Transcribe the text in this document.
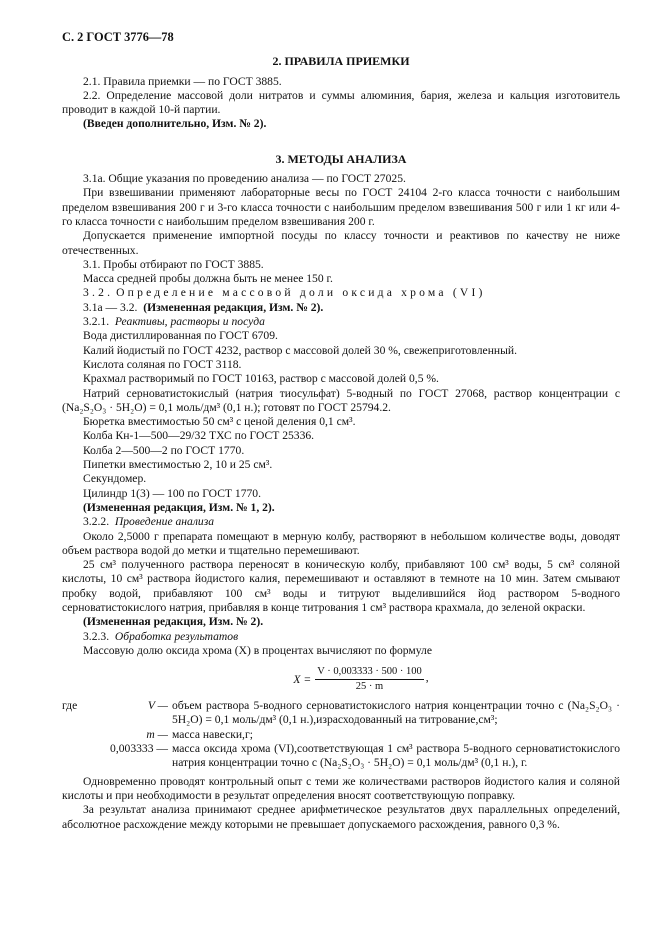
С. 2 ГОСТ 3776—78
2. ПРАВИЛА ПРИЕМКИ

2.1. Правила приемки — по ГОСТ 3885.

2.2. Определение массовой доли нитратов и суммы алюминия, бария, железа и кальция изготовитель проводит в каждой 10-й партии.

(Введен дополнительно, Изм. № 2).

3. МЕТОДЫ АНАЛИЗА

3.1а. Общие указания по проведению анализа — по ГОСТ 27025.

При взвешивании применяют лабораторные весы по ГОСТ 24104 2-го класса точности с наибольшим пределом взвешивания 200 г и 3-го класса точности с наибольшим пределом взвешивания 500 г или 1 кг или 4-го класса точности с наибольшим пределом взвешивания 200 г.

Допускается применение импортной посуды по классу точности и реактивов по качеству не ниже отечественных.

3.1. Пробы отбирают по ГОСТ 3885.

Масса средней пробы должна быть не менее 150 г.

3.2. Определение массовой доли оксида хрома (VI)

3.1а — 3.2. (Измененная редакция, Изм. № 2).

3.2.1. Реактивы, растворы и посуда

Вода дистиллированная по ГОСТ 6709.

Калий йодистый по ГОСТ 4232, раствор с массовой долей 30 %, свежеприготовленный.

Кислота соляная по ГОСТ 3118.

Крахмал растворимый по ГОСТ 10163, раствор с массовой долей 0,5 %.

Натрий серноватистокислый (натрия тиосульфат) 5-водный по ГОСТ 27068, раствор концентрации c (Na₂S₂O₃ · 5H₂O) = 0,1 моль/дм³ (0,1 н.); готовят по ГОСТ 25794.2.

Бюретка вместимостью 50 см³ с ценой деления 0,1 см³.

Колба Кн-1—500—29/32 ТХС по ГОСТ 25336.

Колба 2—500—2 по ГОСТ 1770.

Пипетки вместимостью 2, 10 и 25 см³.

Секундомер.

Цилиндр 1(3) — 100 по ГОСТ 1770.

(Измененная редакция, Изм. № 1, 2).

3.2.2. Проведение анализа

Около 2,5000 г препарата помещают в мерную колбу, растворяют в небольшом количестве воды, доводят объем раствора водой до метки и тщательно перемешивают.

25 см³ полученного раствора переносят в коническую колбу, прибавляют 100 см³ воды, 5 см³ соляной кислоты, 10 см³ раствора йодистого калия, перемешивают и оставляют в темноте на 10 мин. Затем смывают пробку водой, прибавляют 100 см³ воды и титруют выделившийся йод раствором 5-водного серноватистокислого натрия, прибавляя в конце титрования 1 см³ раствора крахмала, до зеленой окраски.

(Измененная редакция, Изм. № 2).

3.2.3. Обработка результатов

Массовую долю оксида хрома (X) в процентах вычисляют по формуле

$X = \frac{V \cdot 0,003333 \cdot 500 \cdot 100}{25 \cdot m}$ ,
где	V — объем раствора 5-водного серноватистокислого натрия концентрации точно c (Na₂S₂O₃ · 5H₂O) = 0,1 моль/дм³ (0,1 н.),израсходованный на титрование,см³;
m — масса навески,г;
0,003333 — масса оксида хрома (VI),соответствующая 1 см³ раствора 5-водного серноватистокислого натрия концентрации точно c (Na₂S₂O₃ · 5H₂O) = 0,1 моль/дм³ (0,1 н.), г.

Одновременно проводят контрольный опыт с теми же количествами растворов йодистого калия и соляной кислоты и при необходимости в результат определения вносят соответствующую поправку.

За результат анализа принимают среднее арифметическое результатов двух параллельных определений, абсолютное расхождение между которыми не превышает допускаемого расхождения, равного 0,3 %.
